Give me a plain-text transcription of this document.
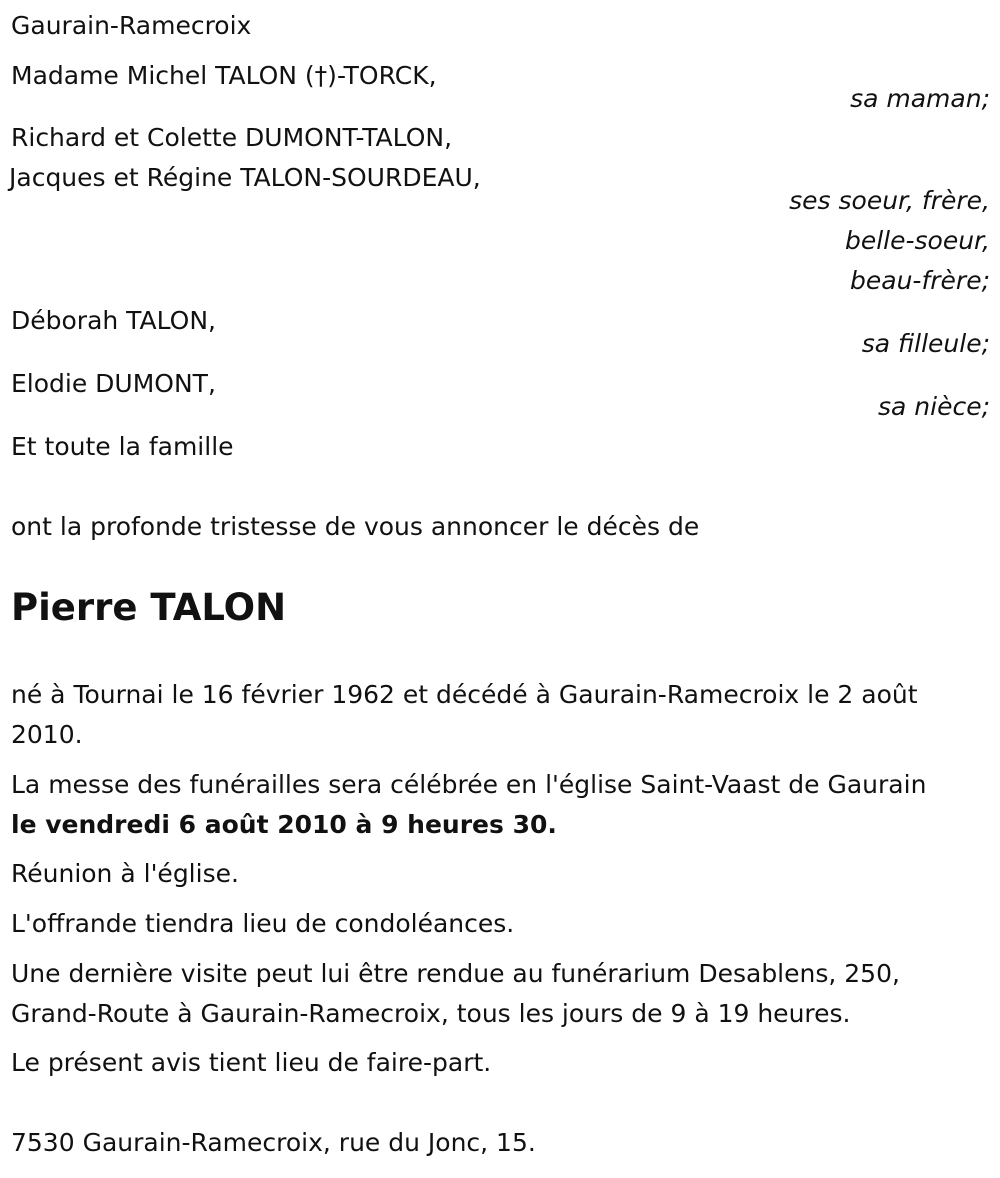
Gaurain-Ramecroix

Madame Michel TALON (†)-TORCK,

sa maman;

Richard et Colette DUMONT-TALON,

Jacques et Régine TALON-SOURDEAU,

ses soeur, frère,

belle-soeur,

beau-frère;

Déborah TALON,

sa filleule;

Elodie DUMONT,

sa nièce;

Et toute la famille

ont la profonde tristesse de vous annoncer le décès de

Pierre TALON

né à Tournai le 16 février 1962 et décédé à Gaurain-Ramecroix le 2 août

2010.

La messe des funérailles sera célébrée en l'église Saint-Vaast de Gaurain

le vendredi 6 août 2010 à 9 heures 30.

Réunion à l'église.

L'offrande tiendra lieu de condoléances.

Une dernière visite peut lui être rendue au funérarium Desablens, 250,

Grand-Route à Gaurain-Ramecroix, tous les jours de 9 à 19 heures.

Le présent avis tient lieu de faire-part.

7530 Gaurain-Ramecroix, rue du Jonc, 15.
